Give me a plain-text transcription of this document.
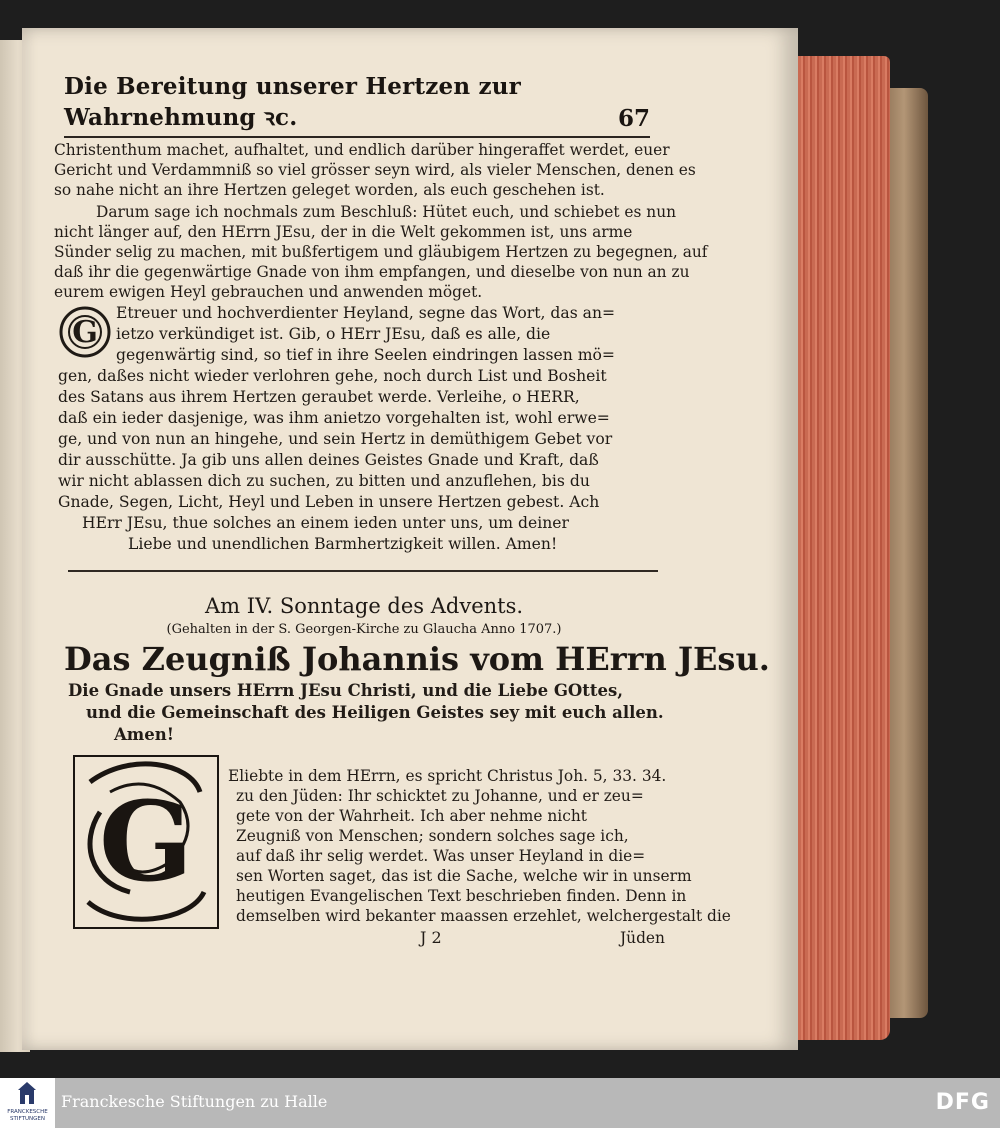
Die Bereitung unserer Hertzen zur Wahrnehmung ꝛc.	67
Christenthum machet, aufhaltet, und endlich darüber hingeraffet werdet, euer
Gericht und Verdammniß so viel grösser seyn wird, als vieler Menschen, denen es
so nahe nicht an ihre Hertzen geleget worden, als euch geschehen ist.
Darum sage ich nochmals zum Beschluß: Hütet euch, und schiebet es nun
nicht länger auf, den HErrn JEsu, der in die Welt gekommen ist, uns arme
Sünder selig zu machen, mit bußfertigem und gläubigem Hertzen zu begegnen, auf
daß ihr die gegenwärtige Gnade von ihm empfangen, und dieselbe von nun an zu
eurem ewigen Heyl gebrauchen und anwenden möget.
G
Etreuer und hochverdienter Heyland, segne das Wort, das an=
ietzo verkündiget ist. Gib, o HErr JEsu, daß es alle, die
gegenwärtig sind, so tief in ihre Seelen eindringen lassen mö=
gen, daßes nicht wieder verlohren gehe, noch durch List und Bosheit
des Satans aus ihrem Hertzen geraubet werde. Verleihe, o HERR,
daß ein ieder dasjenige, was ihm anietzo vorgehalten ist, wohl erwe=
ge, und von nun an hingehe, und sein Hertz in demüthigem Gebet vor
dir ausschütte. Ja gib uns allen deines Geistes Gnade und Kraft, daß
wir nicht ablassen dich zu suchen, zu bitten und anzuflehen, bis du
Gnade, Segen, Licht, Heyl und Leben in unsere Hertzen gebest. Ach
HErr JEsu, thue solches an einem ieden unter uns, um deiner
Liebe und unendlichen Barmhertzigkeit willen. Amen!
Am IV. Sonntage des Advents.
(Gehalten in der S. Georgen-Kirche zu Glaucha Anno 1707.)
Das Zeugniß Johannis vom HErrn JEsu.
Die Gnade unsers HErrn JEsu Christi, und die Liebe GOttes,
und die Gemeinschaft des Heiligen Geistes sey mit euch allen.
Amen!
G
Eliebte in dem HErrn, es spricht Christus Joh. 5, 33. 34.
zu den Jüden: Ihr schicktet zu Johanne, und er zeu=
gete von der Wahrheit. Ich aber nehme nicht
Zeugniß von Menschen; sondern solches sage ich,
auf daß ihr selig werdet. Was unser Heyland in die=
sen Worten saget, das ist die Sache, welche wir in unserm
heutigen Evangelischen Text beschrieben finden. Denn in
demselben wird bekanter maassen erzehlet, welchergestalt die
J 2	Jüden
FRANCKESCHE
STIFTUNGEN
Franckesche Stiftungen zu Halle	DFG
